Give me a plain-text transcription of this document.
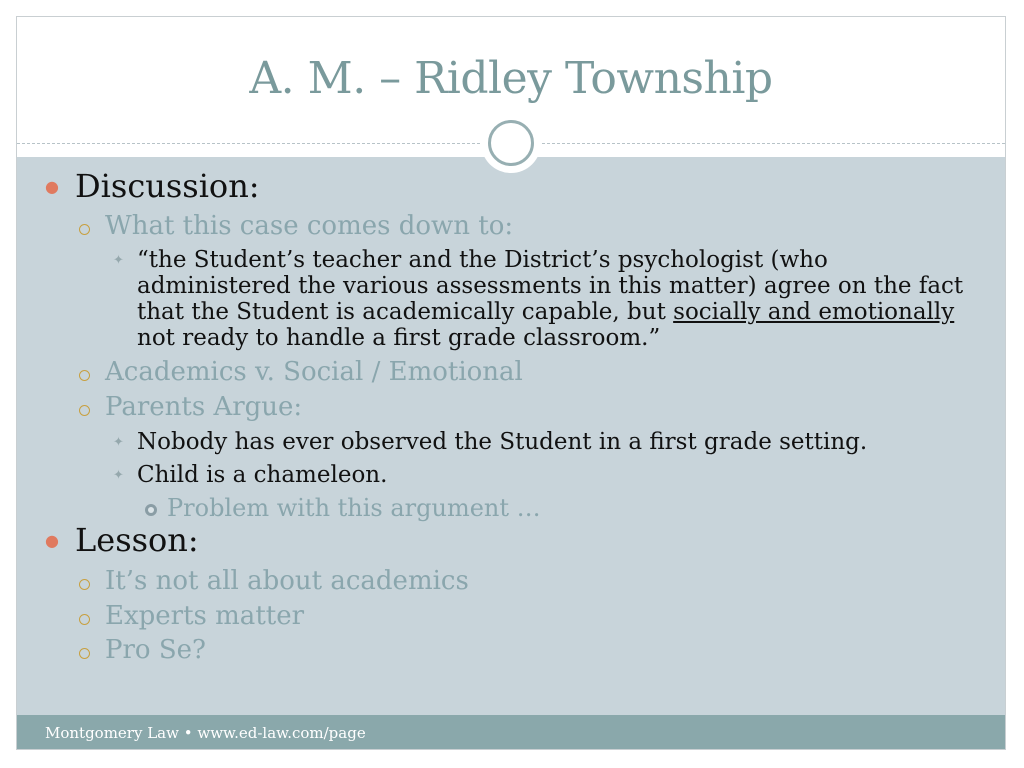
A. M. – Ridley Township
● Discussion:
What this case comes down to:
✦ “the Student’s teacher and the District’s psychologist (who
administered the various assessments in this matter) agree on the fact
that the Student is academically capable, but socially and emotionally
not ready to handle a first grade classroom.”
Academics v. Social / Emotional
Parents Argue:
✦ Nobody has ever observed the Student in a first grade setting.
✦ Child is a chameleon.
Problem with this argument …
● Lesson:
It’s not all about academics
Experts matter
Pro Se?
Montgomery Law • www.ed-law.com/page
